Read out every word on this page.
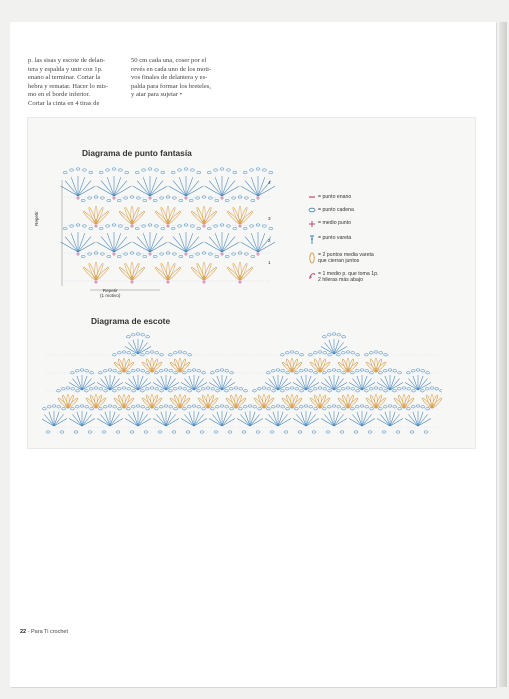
p. las sisas y escote de delan-
tera y espalda y unir con 1p.
enano al terminar. Cortar la
hebra y rematar. Hacer lo mis-
mo en el borde inferior.
Cortar la cinta en 4 tiras de
50 cm cada una, coser por el
revés en cada uno de los moti-
vos finales de delantera y es-
palda para formar los breteles,
y atar para sujetar •
Diagrama de punto fantasía
Repetir
Repetir
(1 motivo)
4
3
2
1
= punto enano
= punto cadena
= medio punto
= punto vareta
= 2 puntos media vareta
que cierran juntos
= 1 medio p. que toma 1p.
2 hileras más abajo
Diagrama de escote
22 - Para Ti crochet
